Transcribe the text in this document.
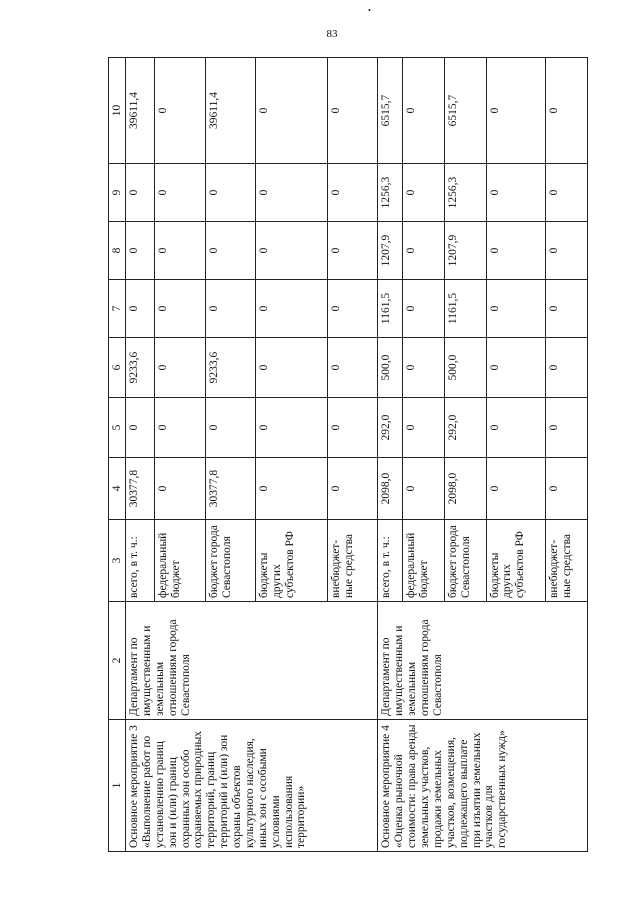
•
83
1	2	3	4	5	6	7	8	9	10
Основное мероприятие 3 «Выполнение работ по установлению границ зон и (или) границ охранных зон особо охраняемых природных территорий, границ территорий и (или) зон охраны объектов культурного наследия, иных зон с особыми условиями использования территории»	Департамент по имущественным и земельным отношениям города Севастополя	всего, в т. ч.:	30377,8	0	9233,6	0	0	0	39611,4
		федеральный бюджет	0	0	0	0	0	0	0
		бюджет города Севастополя	30377,8	0	9233,6	0	0	0	39611,4
		бюджеты других субъектов РФ	0	0	0	0	0	0	0
		внебюджет-ные средства	0	0	0	0	0	0	0
Основное мероприятие 4 «Оценка рыночной стоимости: права аренды земельных участков, продажи земельных участков, возмещения, подлежащего выплате при изъятии земельных участков для государственных нужд»	Департамент по имущественным и земельным отношениям города Севастополя	всего, в т. ч.:	2098,0	292,0	500,0	1161,5	1207,9	1256,3	6515,7
		федеральный бюджет	0	0	0	0	0	0	0
		бюджет города Севастополя	2098,0	292,0	500,0	1161,5	1207,9	1256,3	6515,7
		бюджеты других субъектов РФ	0	0	0	0	0	0	0
		внебюджет-ные средства	0	0	0	0	0	0	0
